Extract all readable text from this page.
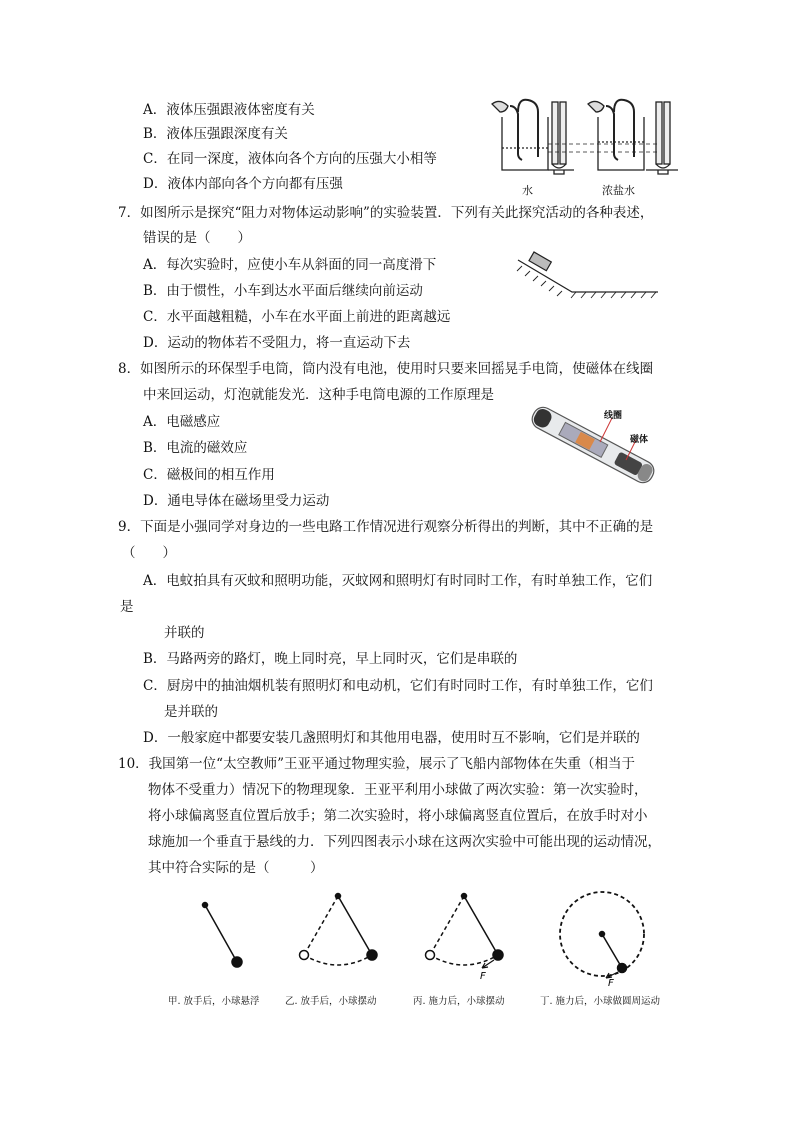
A．液体压强跟液体密度有关
B．液体压强跟深度有关
C．在同一深度，液体向各个方向的压强大小相等
D．液体内部向各个方向都有压强	水	浓盐水
7．如图所示是探究“阻力对物体运动影响”的实验装置．下列有关此探究活动的各种表述，
错误的是（　　）
A．每次实验时，应使小车从斜面的同一高度滑下
B．由于惯性，小车到达水平面后继续向前运动
C．水平面越粗糙，小车在水平面上前进的距离越远
D．运动的物体若不受阻力，将一直运动下去
8．如图所示的环保型手电筒，筒内没有电池，使用时只要来回摇晃手电筒，使磁体在线圈
中来回运动，灯泡就能发光．这种手电筒电源的工作原理是
A．电磁感应
B．电流的磁效应
C．磁极间的相互作用
D．通电导体在磁场里受力运动
线圈
磁体
9．下面是小强同学对身边的一些电路工作情况进行观察分析得出的判断，其中不正确的是
（　　）
A．电蚊拍具有灭蚊和照明功能，灭蚊网和照明灯有时同时工作，有时单独工作，它们
是
并联的
B．马路两旁的路灯，晚上同时亮，早上同时灭，它们是串联的
C．厨房中的抽油烟机装有照明灯和电动机，它们有时同时工作，有时单独工作，它们
是并联的
D．一般家庭中都要安装几盏照明灯和其他用电器，使用时互不影响，它们是并联的
10．我国第一位“太空教师”王亚平通过物理实验，展示了飞船内部物体在失重（相当于
物体不受重力）情况下的物理现象．王亚平利用小球做了两次实验：第一次实验时，
将小球偏离竖直位置后放手；第二次实验时，将小球偏离竖直位置后，在放手时对小
球施加一个垂直于悬线的力．下列四图表示小球在这两次实验中可能出现的运动情况，
其中符合实际的是（　　　）
F
F
甲. 放手后，小球悬浮	乙. 放手后，小球摆动	丙. 施力后，小球摆动	丁. 施力后，小球做圆周运动
